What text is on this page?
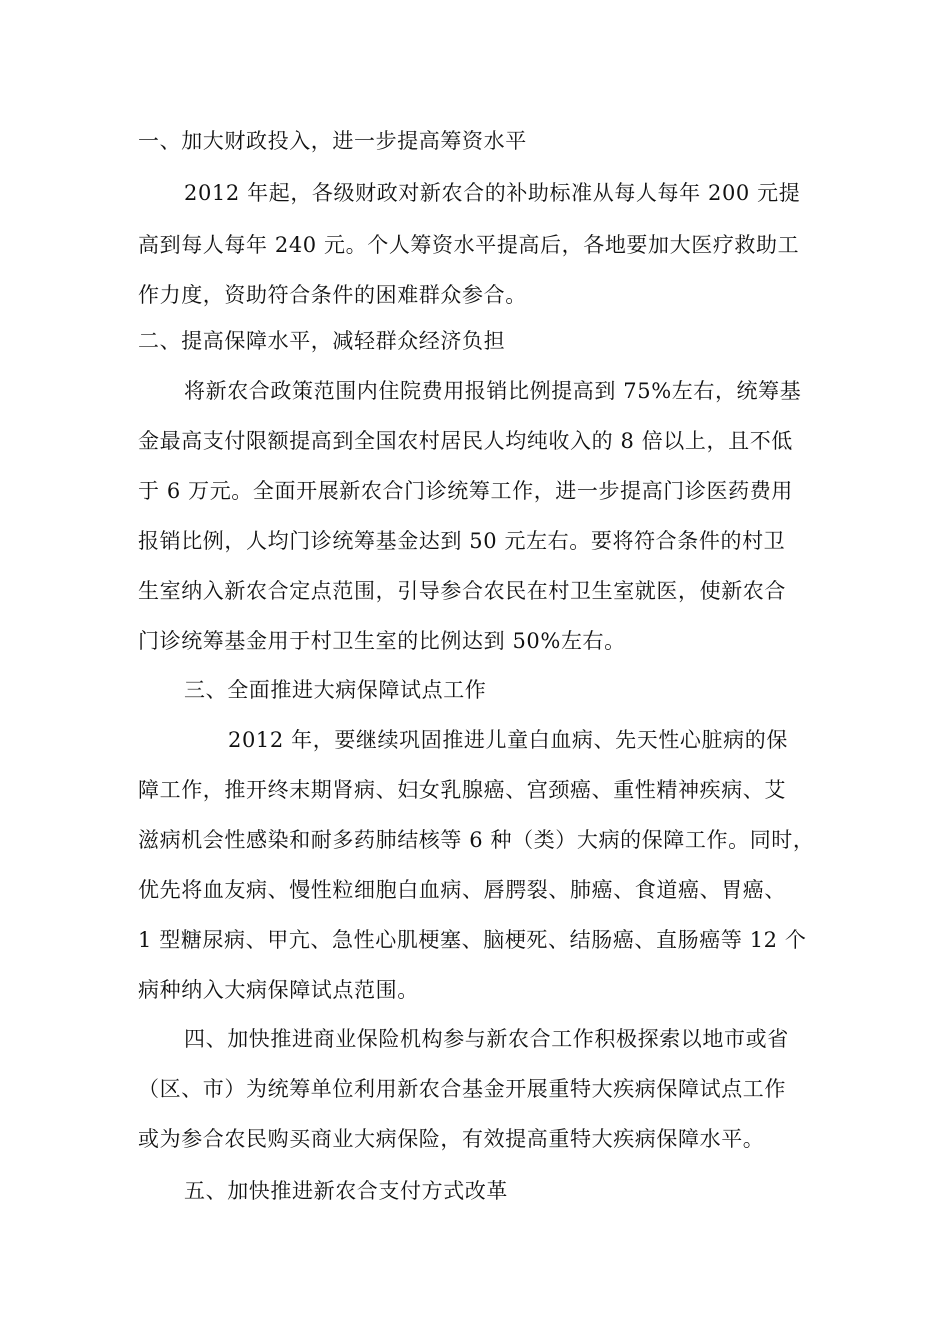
一、加大财政投入，进一步提高筹资水平
2012 年起，各级财政对新农合的补助标准从每人每年 200 元提
高到每人每年 240 元。个人筹资水平提高后，各地要加大医疗救助工
作力度，资助符合条件的困难群众参合。
二、提高保障水平，减轻群众经济负担
将新农合政策范围内住院费用报销比例提高到 75%左右，统筹基
金最高支付限额提高到全国农村居民人均纯收入的 8 倍以上，且不低
于 6 万元。全面开展新农合门诊统筹工作，进一步提高门诊医药费用
报销比例，人均门诊统筹基金达到 50 元左右。要将符合条件的村卫
生室纳入新农合定点范围，引导参合农民在村卫生室就医，使新农合
门诊统筹基金用于村卫生室的比例达到 50%左右。
三、全面推进大病保障试点工作
2012 年，要继续巩固推进儿童白血病、先天性心脏病的保
障工作，推开终末期肾病、妇女乳腺癌、宫颈癌、重性精神疾病、艾
滋病机会性感染和耐多药肺结核等 6 种（类）大病的保障工作。同时，
优先将血友病、慢性粒细胞白血病、唇腭裂、肺癌、食道癌、胃癌、
1 型糖尿病、甲亢、急性心肌梗塞、脑梗死、结肠癌、直肠癌等 12 个
病种纳入大病保障试点范围。
四、加快推进商业保险机构参与新农合工作积极探索以地市或省
（区、市）为统筹单位利用新农合基金开展重特大疾病保障试点工作
或为参合农民购买商业大病保险，有效提高重特大疾病保障水平。
五、加快推进新农合支付方式改革
